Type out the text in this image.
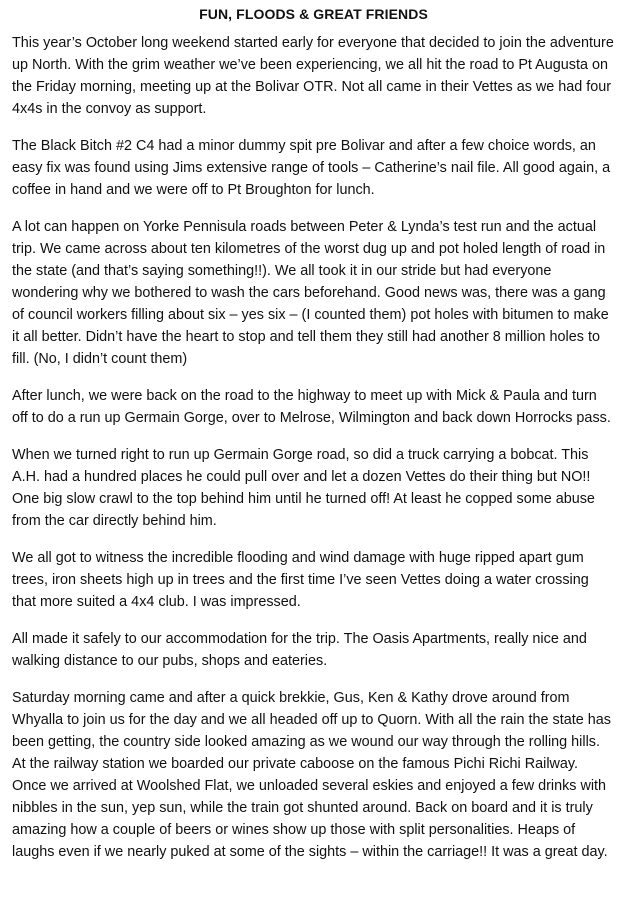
FUN, FLOODS & GREAT FRIENDS

This year’s October long weekend started early for everyone that decided to join the adventure up North. With the grim weather we’ve been experiencing, we all hit the road to Pt Augusta on the Friday morning, meeting up at the Bolivar OTR. Not all came in their Vettes as we had four 4x4s in the convoy as support.

The Black Bitch #2 C4 had a minor dummy spit pre Bolivar and after a few choice words, an easy fix was found using Jims extensive range of tools – Catherine’s nail file. All good again, a coffee in hand and we were off to Pt Broughton for lunch.

A lot can happen on Yorke Pennisula roads between Peter & Lynda’s test run and the actual trip. We came across about ten kilometres of the worst dug up and pot holed length of road in the state (and that’s saying something!!). We all took it in our stride but had everyone wondering why we bothered to wash the cars beforehand. Good news was, there was a gang of council workers filling about six – yes six – (I counted them) pot holes with bitumen to make it all better. Didn’t have the heart to stop and tell them they still had another 8 million holes to fill. (No, I didn’t count them)

After lunch, we were back on the road to the highway to meet up with Mick & Paula and turn off to do a run up Germain Gorge, over to Melrose, Wilmington and back down Horrocks pass.

When we turned right to run up Germain Gorge road, so did a truck carrying a bobcat. This A.H. had a hundred places he could pull over and let a dozen Vettes do their thing but NO!! One big slow crawl to the top behind him until he turned off! At least he copped some abuse from the car directly behind him.

We all got to witness the incredible flooding and wind damage with huge ripped apart gum trees, iron sheets high up in trees and the first time I’ve seen Vettes doing a water crossing that more suited a 4x4 club. I was impressed.

All made it safely to our accommodation for the trip. The Oasis Apartments, really nice and walking distance to our pubs, shops and eateries.

Saturday morning came and after a quick brekkie, Gus, Ken & Kathy drove around from Whyalla to join us for the day and we all headed off up to Quorn. With all the rain the state has been getting, the country side looked amazing as we wound our way through the rolling hills. At the railway station we boarded our private caboose on the famous Pichi Richi Railway. Once we arrived at Woolshed Flat, we unloaded several eskies and enjoyed a few drinks with nibbles in the sun, yep sun, while the train got shunted around. Back on board and it is truly amazing how a couple of beers or wines show up those with split personalities. Heaps of laughs even if we nearly puked at some of the sights – within the carriage!! It was a great day.
